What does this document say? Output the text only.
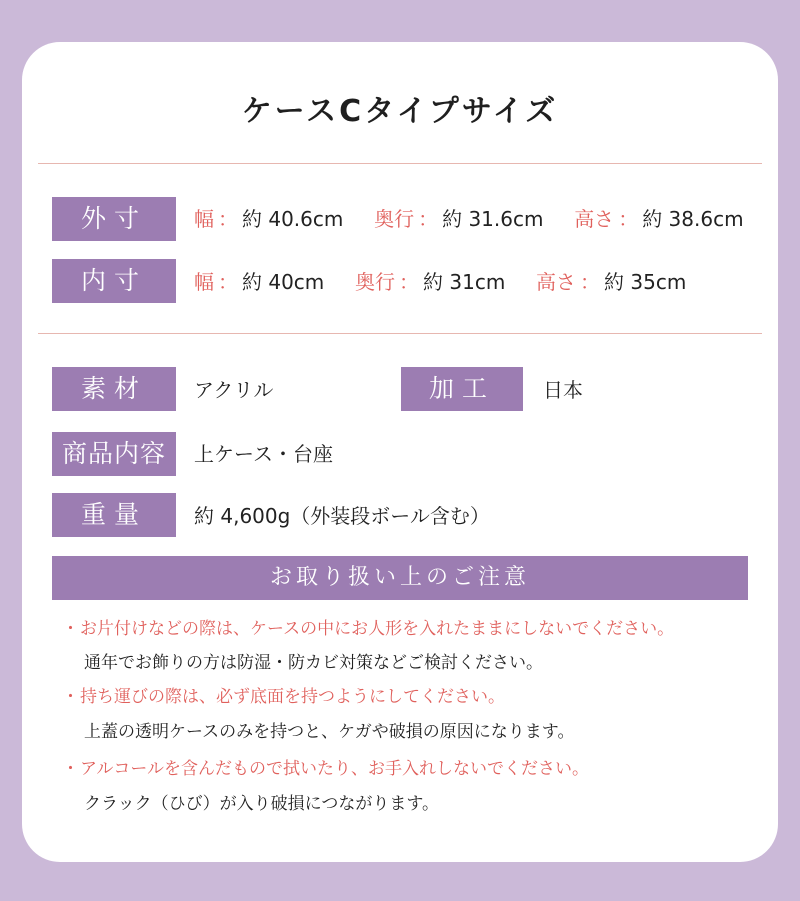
ケースCタイプサイズ
外寸	幅 ： 約 40.6cm 奥行 ： 約 31.6cm 高さ ： 約 38.6cm
内寸	幅 ： 約 40cm 奥行 ： 約 31cm 高さ ： 約 35cm
素材	アクリル	加工	日本
商品内容	上ケース・台座
重量	約 4,600g（外装段ボール含む）
お取り扱い上のご注意
・お片付けなどの際は、ケースの中にお人形を入れたままにしないでください。
通年でお飾りの方は防湿・防カビ対策などご検討ください。
・持ち運びの際は、必ず底面を持つようにしてください。
上蓋の透明ケースのみを持つと、ケガや破損の原因になります。
・アルコールを含んだもので拭いたり、お手入れしないでください。
クラック（ひび）が入り破損につながります。
